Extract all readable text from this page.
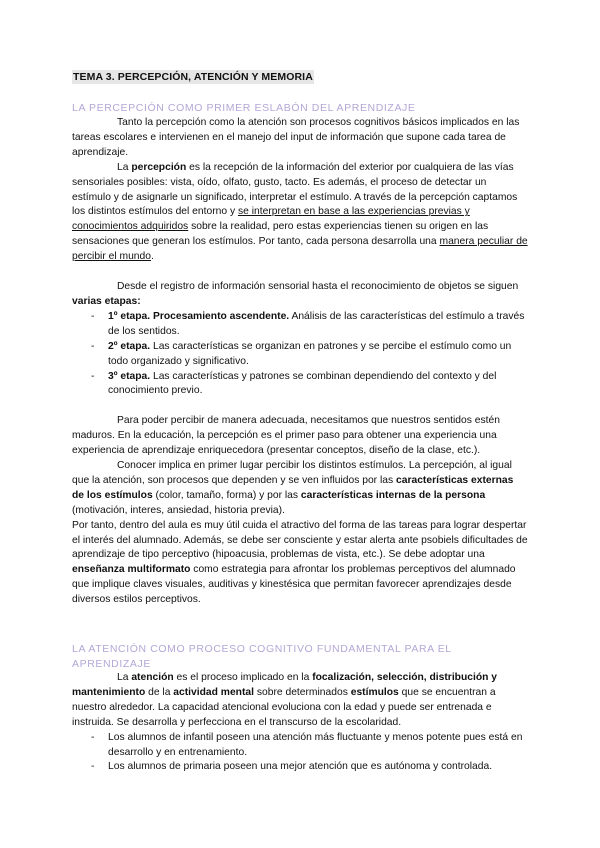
TEMA 3. PERCEPCIÓN, ATENCIÓN Y MEMORIA
LA PERCEPCIÓN COMO PRIMER ESLABÓN DEL APRENDIZAJE

Tanto la percepción como la atención son procesos cognitivos básicos implicados en las tareas escolares e intervienen en el manejo del input de información que supone cada tarea de aprendizaje.

La percepción es la recepción de la información del exterior por cualquiera de las vías sensoriales posibles: vista, oído, olfato, gusto, tacto. Es además, el proceso de detectar un estímulo y de asignarle un significado, interpretar el estímulo. A través de la percepción captamos los distintos estímulos del entorno y se interpretan en base a las experiencias previas y conocimientos adquiridos sobre la realidad, pero estas experiencias tienen su origen en las sensaciones que generan los estímulos. Por tanto, cada persona desarrolla una manera peculiar de percibir el mundo.

Desde el registro de información sensorial hasta el reconocimiento de objetos se siguen varias etapas:

- 1º etapa. Procesamiento ascendente. Análisis de las características del estímulo a través de los sentidos.
- 2º etapa. Las características se organizan en patrones y se percibe el estímulo como un todo organizado y significativo.
- 3º etapa. Las características y patrones se combinan dependiendo del contexto y del conocimiento previo.

Para poder percibir de manera adecuada, necesitamos que nuestros sentidos estén maduros. En la educación, la percepción es el primer paso para obtener una experiencia una experiencia de aprendizaje enriquecedora (presentar conceptos, diseño de la clase, etc.).

Conocer implica en primer lugar percibir los distintos estímulos. La percepción, al igual que la atención, son procesos que dependen y se ven influidos por las características externas de los estímulos (color, tamaño, forma) y por las características internas de la persona (motivación, interes, ansiedad, historia previa).

Por tanto, dentro del aula es muy útil cuida el atractivo del forma de las tareas para lograr despertar el interés del alumnado. Además, se debe ser consciente y estar alerta ante psobiels dificultades de aprendizaje de tipo perceptivo (hipoacusia, problemas de vista, etc.). Se debe adoptar una enseñanza multiformato como estrategia para afrontar los problemas perceptivos del alumnado que implique claves visuales, auditivas y kinestésica que permitan favorecer aprendizajes desde diversos estilos perceptivos.

LA ATENCIÓN COMO PROCESO COGNITIVO FUNDAMENTAL PARA EL APRENDIZAJE

La atención es el proceso implicado en la focalización, selección, distribución y mantenimiento de la actividad mental sobre determinados estímulos que se encuentran a nuestro alrededor. La capacidad atencional evoluciona con la edad y puede ser entrenada e instruida. Se desarrolla y perfecciona en el transcurso de la escolaridad.

- Los alumnos de infantil poseen una atención más fluctuante y menos potente pues está en desarrollo y en entrenamiento.
- Los alumnos de primaria poseen una mejor atención que es autónoma y controlada.
